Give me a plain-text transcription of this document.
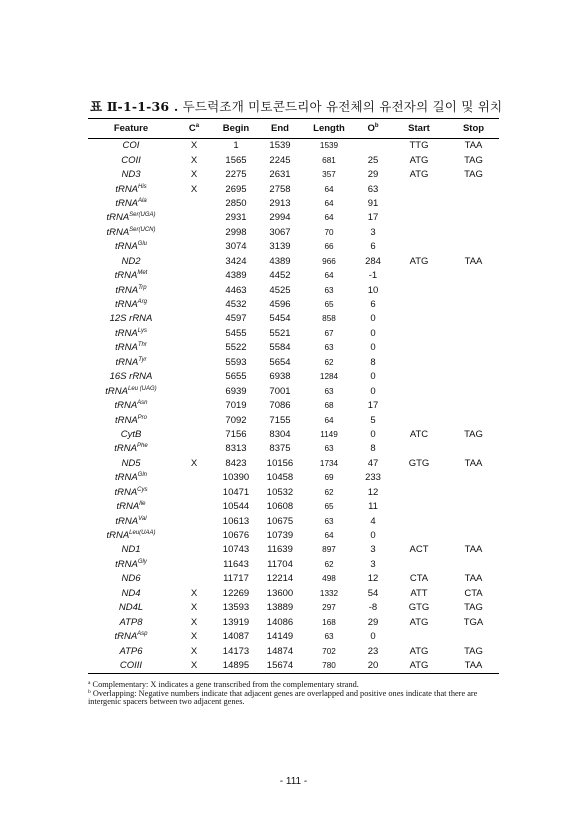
표 Ⅱ-1-1-36 . 두드럭조개 미토콘드리아 유전체의 유전자의 길이 및 위치
Feature	$C^a$	Begin	End	Length	$O^b$	Start	Stop
COI	X	1	1539	1539		TTG	TAA
COII	X	1565	2245	681	25	ATG	TAG
ND3	X	2275	2631	357	29	ATG	TAG
tRNA$^{His}$	X	2695	2758	64	63		
tRNA$^{Ala}$		2850	2913	64	91		
tRNA$^{Ser(UGA)}$		2931	2994	64	17		
tRNA$^{Ser(UCN)}$		2998	3067	70	3		
tRNA$^{Glu}$		3074	3139	66	6		
ND2		3424	4389	966	284	ATG	TAA
tRNA$^{Met}$		4389	4452	64	-1		
tRNA$^{Trp}$		4463	4525	63	10		
tRNA$^{Arg}$		4532	4596	65	6		
12S rRNA		4597	5454	858	0		
tRNA$^{Lys}$		5455	5521	67	0		
tRNA$^{Thr}$		5522	5584	63	0		
tRNA$^{Tyr}$		5593	5654	62	8		
16S rRNA		5655	6938	1284	0		
tRNA$^{Leu (UAG)}$		6939	7001	63	0		
tRNA$^{Asn}$		7019	7086	68	17		
tRNA$^{Pro}$		7092	7155	64	5		
CytB		7156	8304	1149	0	ATC	TAG
tRNA$^{Phe}$		8313	8375	63	8		
ND5	X	8423	10156	1734	47	GTG	TAA
tRNA$^{Gln}$		10390	10458	69	233		
tRNA$^{Cys}$		10471	10532	62	12		
tRNA$^{Ile}$		10544	10608	65	11		
tRNA$^{Val}$		10613	10675	63	4		
tRNA$^{Leu(UAA)}$		10676	10739	64	0		
ND1		10743	11639	897	3	ACT	TAA
tRNA$^{Gly}$		11643	11704	62	3		
ND6		11717	12214	498	12	CTA	TAA
ND4	X	12269	13600	1332	54	ATT	CTA
ND4L	X	13593	13889	297	-8	GTG	TAG
ATP8	X	13919	14086	168	29	ATG	TGA
tRNA$^{Asp}$	X	14087	14149	63	0		
ATP6	X	14173	14874	702	23	ATG	TAG
COIII	X	14895	15674	780	20	ATG	TAA
$^a$ Complementary: X indicates a gene transcribed from the complementary strand.
$^b$ Overlapping: Negative numbers indicate that adjacent genes are overlapped and positive ones indicate that there are intergenic spacers between two adjacent genes.
- 111 -
